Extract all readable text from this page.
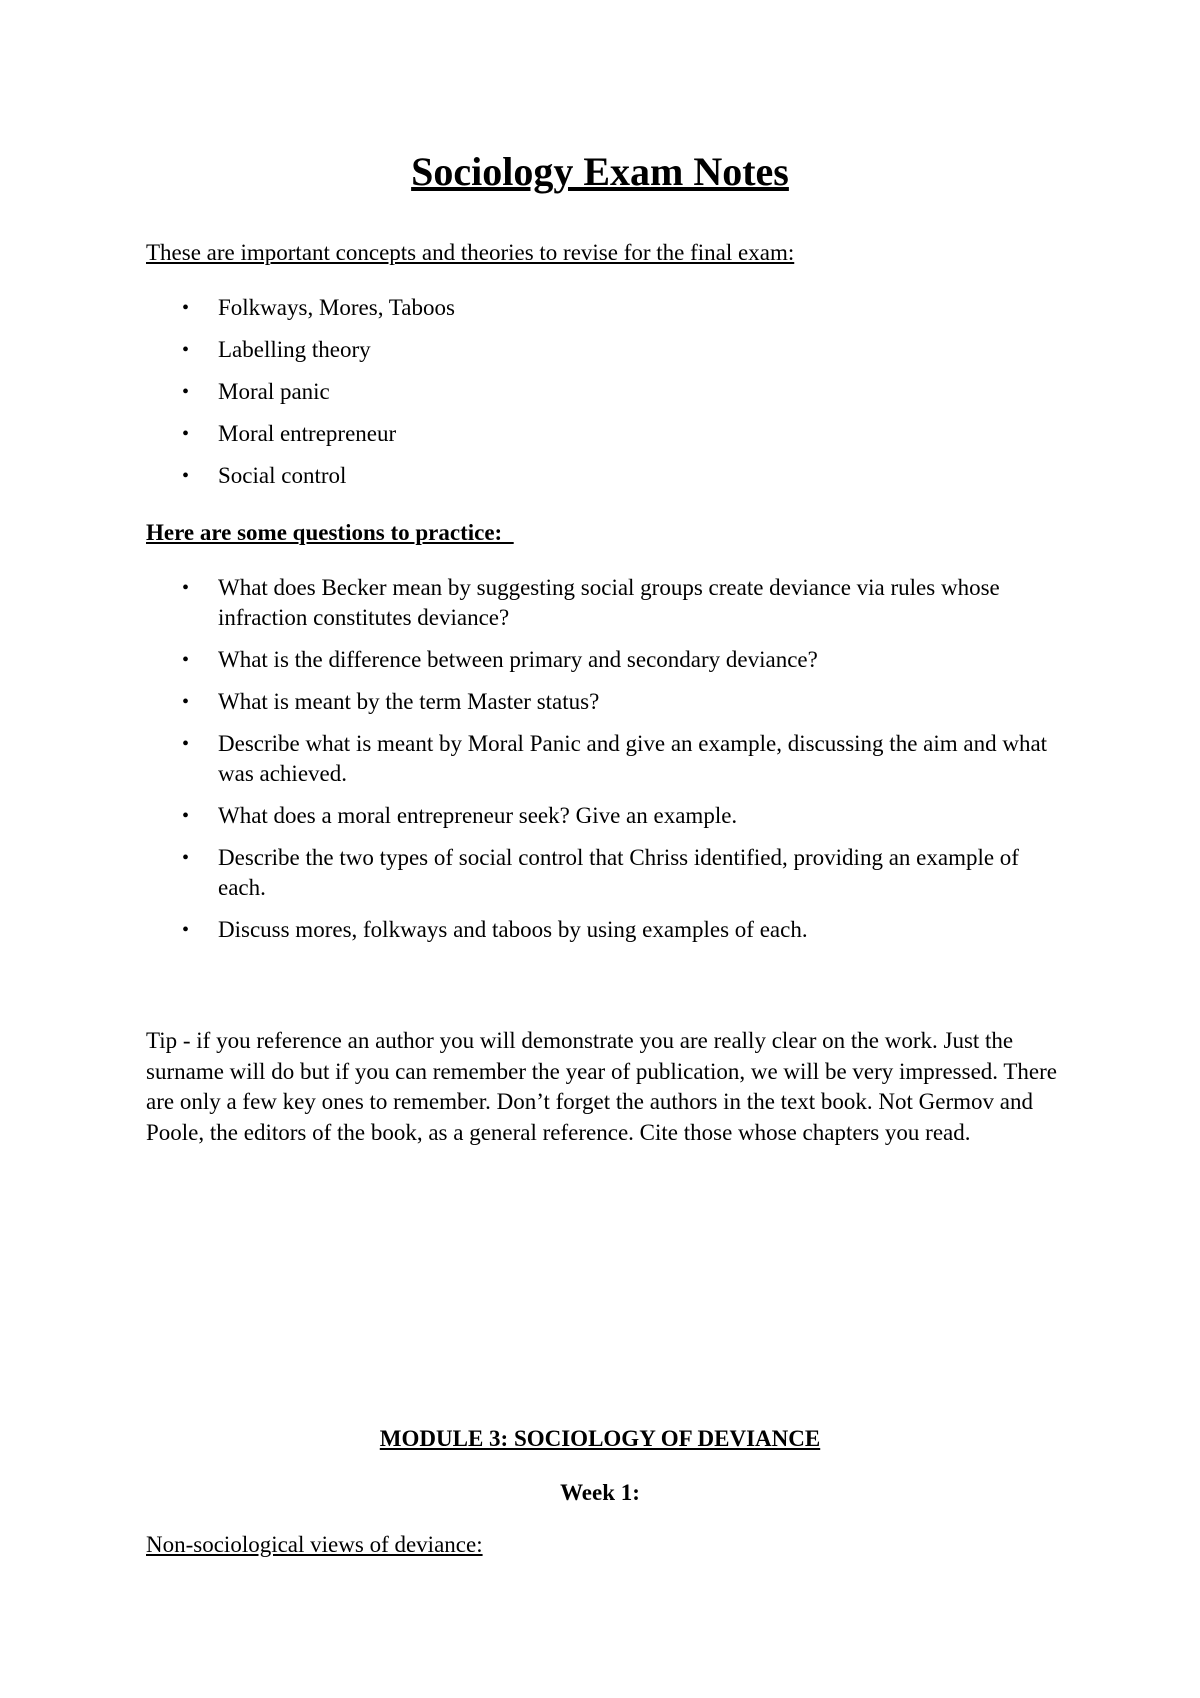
Sociology Exam Notes
These are important concepts and theories to revise for the final exam:
• Folkways, Mores, Taboos
• Labelling theory
• Moral panic
• Moral entrepreneur
• Social control
Here are some questions to practice:
• What does Becker mean by suggesting social groups create deviance via rules whose infraction constitutes deviance?
• What is the difference between primary and secondary deviance?
• What is meant by the term Master status?
• Describe what is meant by Moral Panic and give an example, discussing the aim and what was achieved.
• What does a moral entrepreneur seek? Give an example.
• Describe the two types of social control that Chriss identified, providing an example of each.
• Discuss mores, folkways and taboos by using examples of each.
Tip - if you reference an author you will demonstrate you are really clear on the work. Just the surname will do but if you can remember the year of publication, we will be very impressed. There are only a few key ones to remember. Don’t forget the authors in the text book. Not Germov and Poole, the editors of the book, as a general reference. Cite those whose chapters you read.
MODULE 3: SOCIOLOGY OF DEVIANCE
Week 1:
Non-sociological views of deviance:
